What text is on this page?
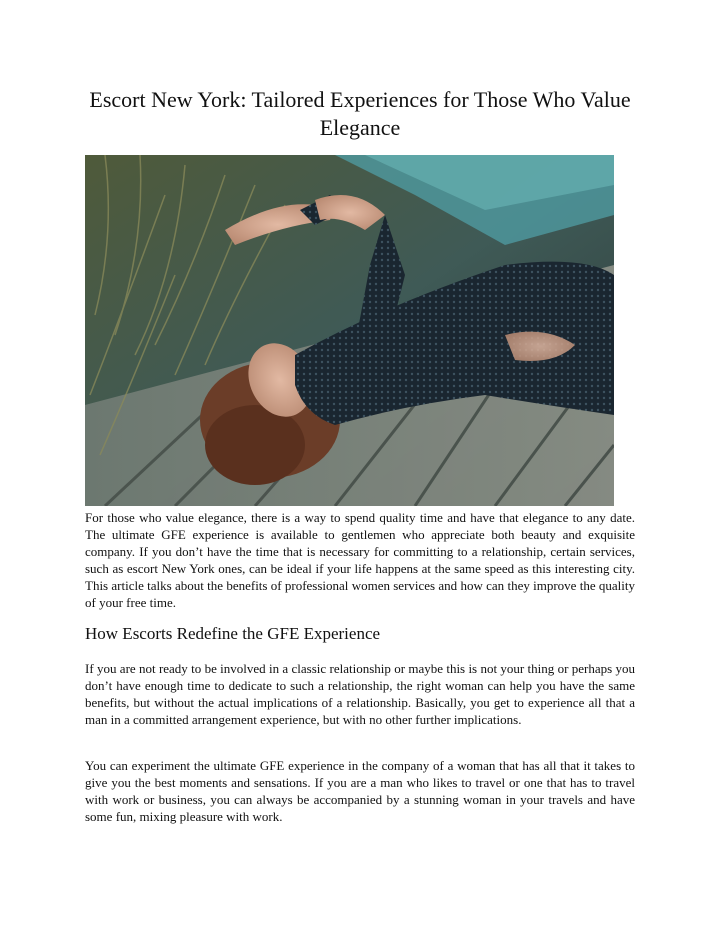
Escort New York: Tailored Experiences for Those Who Value Elegance

For those who value elegance, there is a way to spend quality time and have that elegance to any date. The ultimate GFE experience is available to gentlemen who appreciate both beauty and exquisite company. If you don’t have the time that is necessary for committing to a relationship, certain services, such as escort New York ones, can be ideal if your life happens at the same speed as this interesting city. This article talks about the benefits of professional women services and how can they improve the quality of your free time.

How Escorts Redefine the GFE Experience

If you are not ready to be involved in a classic relationship or maybe this is not your thing or perhaps you don’t have enough time to dedicate to such a relationship, the right woman can help you have the same benefits, but without the actual implications of a relationship. Basically, you get to experience all that a man in a committed arrangement experience, but with no other further implications.

You can experiment the ultimate GFE experience in the company of a woman that has all that it takes to give you the best moments and sensations. If you are a man who likes to travel or one that has to travel with work or business, you can always be accompanied by a stunning woman in your travels and have some fun, mixing pleasure with work.
